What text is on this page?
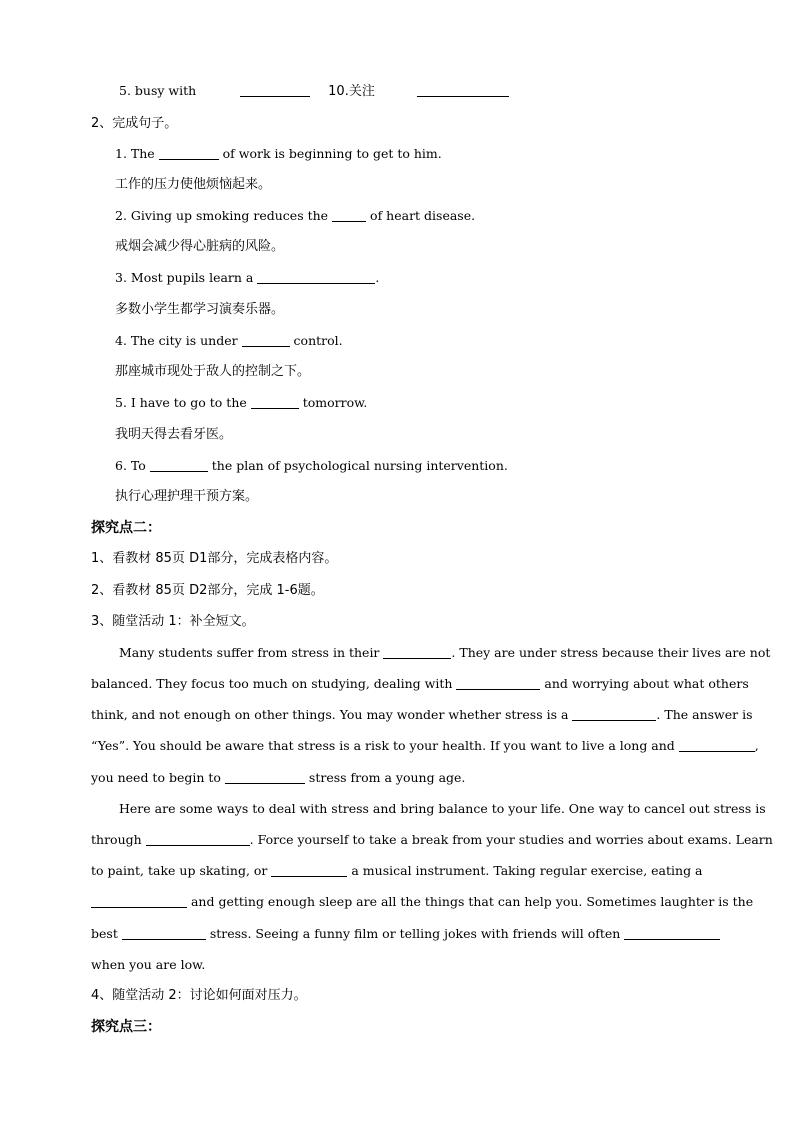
5. busy with	10.关注
2、完成句子。
1. The	of work is beginning to get to him.
工作的压力使他烦恼起来。
2. Giving up smoking reduces the	of heart disease.
戒烟会减少得心脏病的风险。
3. Most pupils learn a	.
多数小学生都学习演奏乐器。
4. The city is under	control.
那座城市现处于敌人的控制之下。
5. I have to go to the	tomorrow.
我明天得去看牙医。
6. To	the plan of psychological nursing intervention.
执行心理护理干预方案。
探究点二：
1、看教材 85页 D1部分，完成表格内容。
2、看教材 85页 D2部分，完成 1-6题。
3、随堂活动 1：补全短文。
Many students suffer from stress in their	. They are under stress because their lives are not
balanced. They focus too much on studying, dealing with	and worrying about what others
think, and not enough on other things. You may wonder whether stress is a	. The answer is
“Yes”. You should be aware that stress is a risk to your health. If you want to live a long and	,
you need to begin to	stress from a young age.
Here are some ways to deal with stress and bring balance to your life. One way to cancel out stress is
through	. Force yourself to take a break from your studies and worries about exams. Learn
to paint, take up skating, or	a musical instrument. Taking regular exercise, eating a
and getting enough sleep are all the things that can help you. Sometimes laughter is the
best	stress. Seeing a funny film or telling jokes with friends will often
when you are low.
4、随堂活动 2：讨论如何面对压力。
探究点三：
